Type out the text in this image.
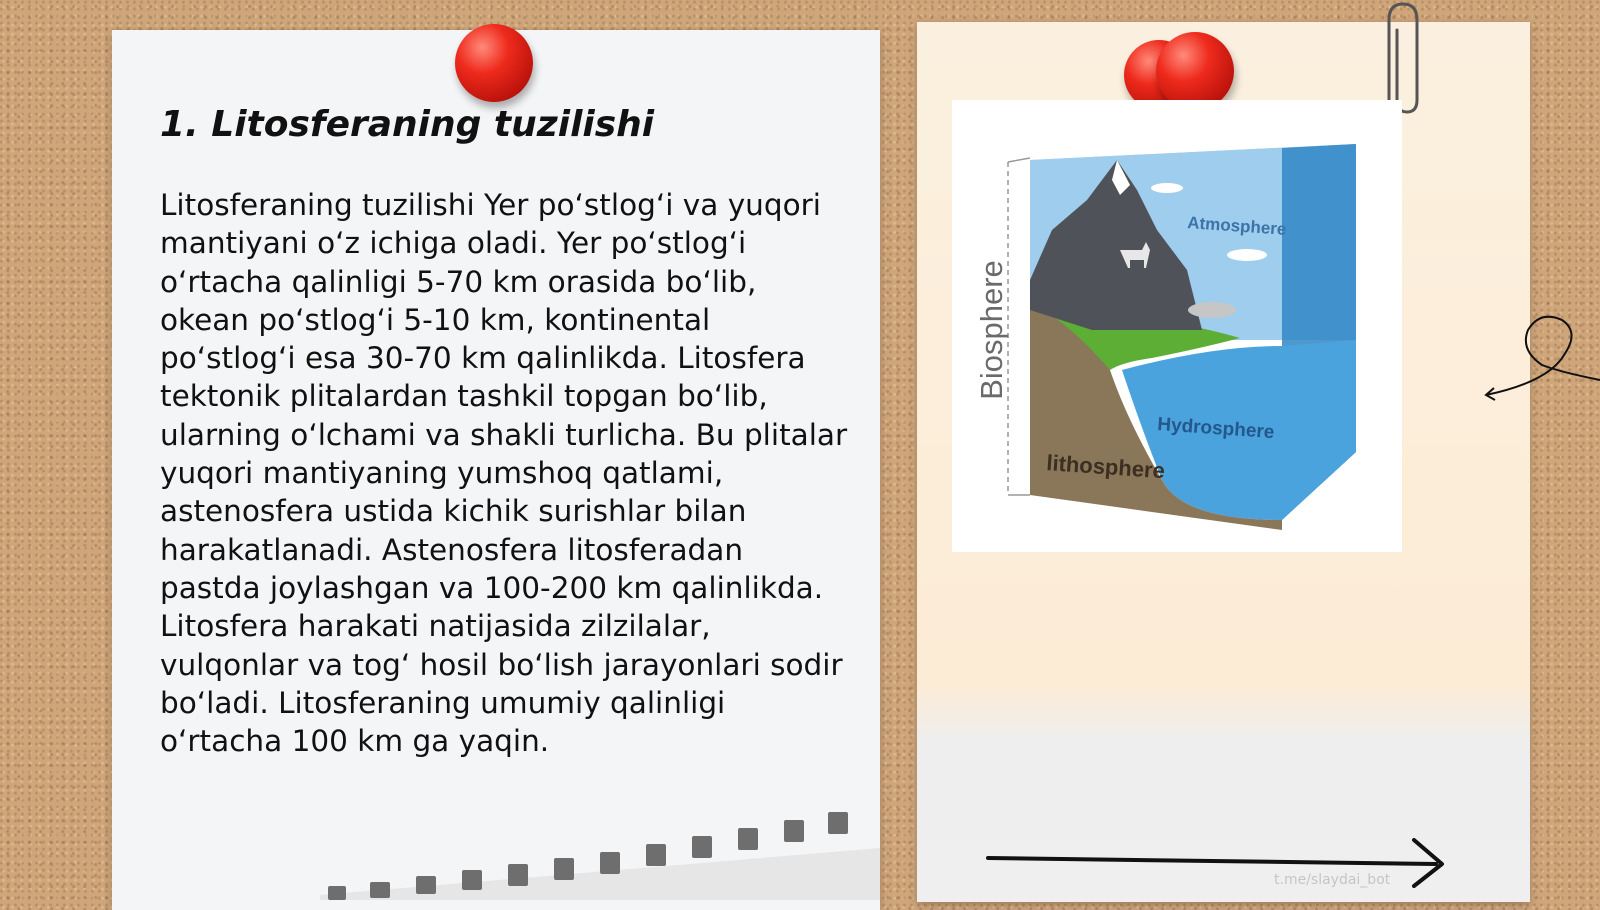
1. Litosferaning tuzilishi

Litosferaning tuzilishi Yer po‘stlog‘i va yuqori mantiyani o‘z ichiga oladi. Yer po‘stlog‘i o‘rtacha qalinligi 5-70 km orasida bo‘lib, okean po‘stlog‘i 5-10 km, kontinental po‘stlog‘i esa 30-70 km qalinlikda. Litosfera tektonik plitalardan tashkil topgan bo‘lib, ularning o‘lchami va shakli turlicha. Bu plitalar yuqori mantiyaning yumshoq qatlami, astenosfera ustida kichik surishlar bilan harakatlanadi. Astenosfera litosferadan pastda joylashgan va 100-200 km qalinlikda. Litosfera harakati natijasida zilzilalar, vulqonlar va tog‘ hosil bo‘lish jarayonlari sodir bo‘ladi. Litosferaning umumiy qalinligi o‘rtacha 100 km ga yaqin.

Biosphere
Atmosphere
Hydrosphere
lithosphere
t.me/slaydai_bot
